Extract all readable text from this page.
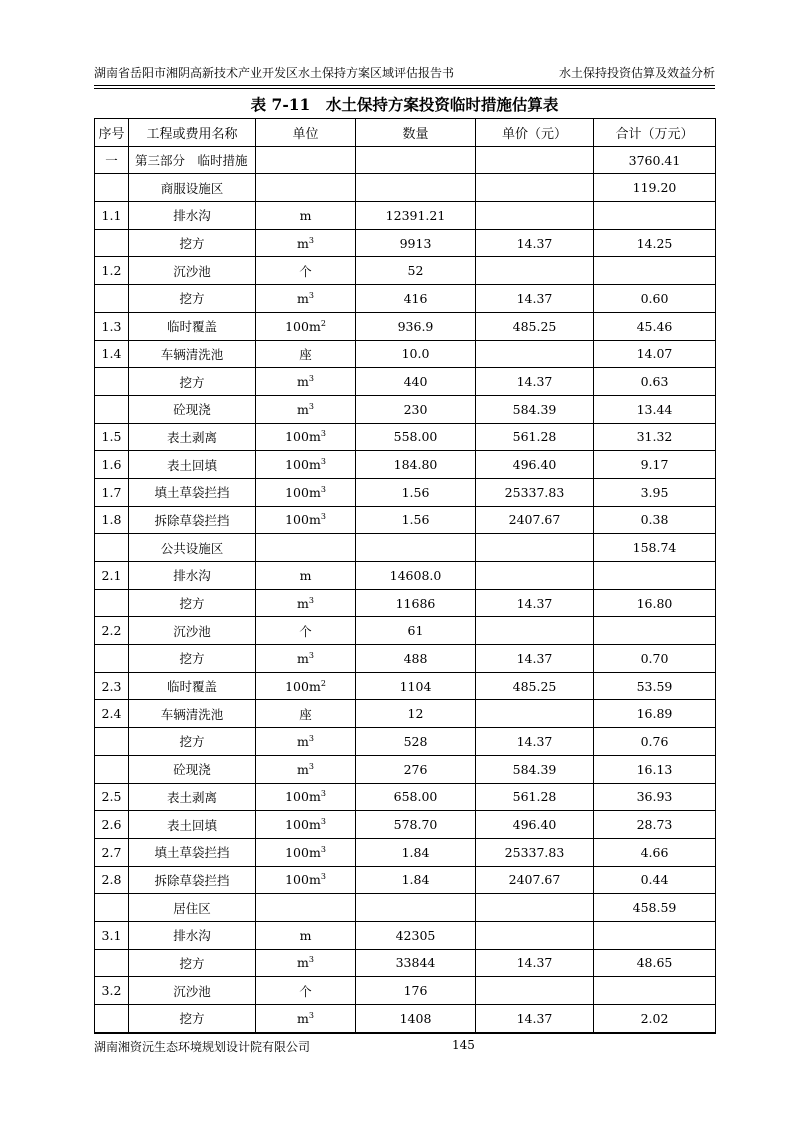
湖南省岳阳市湘阴高新技术产业开发区水土保持方案区域评估报告书	水土保持投资估算及效益分析
表 7-11　水土保持方案投资临时措施估算表
序号	工程或费用名称	单位	数量	单价（元）	合计（万元）
一	第三部分　临时措施				3760.41
	商服设施区				119.20
1.1	排水沟	m	12391.21		
	挖方	$m^3$	9913	14.37	14.25
1.2	沉沙池	个	52		
	挖方	$m^3$	416	14.37	0.60
1.3	临时覆盖	$100m^2$	936.9	485.25	45.46
1.4	车辆清洗池	座	10.0		14.07
	挖方	$m^3$	440	14.37	0.63
	砼现浇	$m^3$	230	584.39	13.44
1.5	表土剥离	$100m^3$	558.00	561.28	31.32
1.6	表土回填	$100m^3$	184.80	496.40	9.17
1.7	填土草袋拦挡	$100m^3$	1.56	25337.83	3.95
1.8	拆除草袋拦挡	$100m^3$	1.56	2407.67	0.38
	公共设施区				158.74
2.1	排水沟	m	14608.0		
	挖方	$m^3$	11686	14.37	16.80
2.2	沉沙池	个	61		
	挖方	$m^3$	488	14.37	0.70
2.3	临时覆盖	$100m^2$	1104	485.25	53.59
2.4	车辆清洗池	座	12		16.89
	挖方	$m^3$	528	14.37	0.76
	砼现浇	$m^3$	276	584.39	16.13
2.5	表土剥离	$100m^3$	658.00	561.28	36.93
2.6	表土回填	$100m^3$	578.70	496.40	28.73
2.7	填土草袋拦挡	$100m^3$	1.84	25337.83	4.66
2.8	拆除草袋拦挡	$100m^3$	1.84	2407.67	0.44
	居住区				458.59
3.1	排水沟	m	42305		
	挖方	$m^3$	33844	14.37	48.65
3.2	沉沙池	个	176		
	挖方	$m^3$	1408	14.37	2.02
湖南湘资沅生态环境规划设计院有限公司	145
